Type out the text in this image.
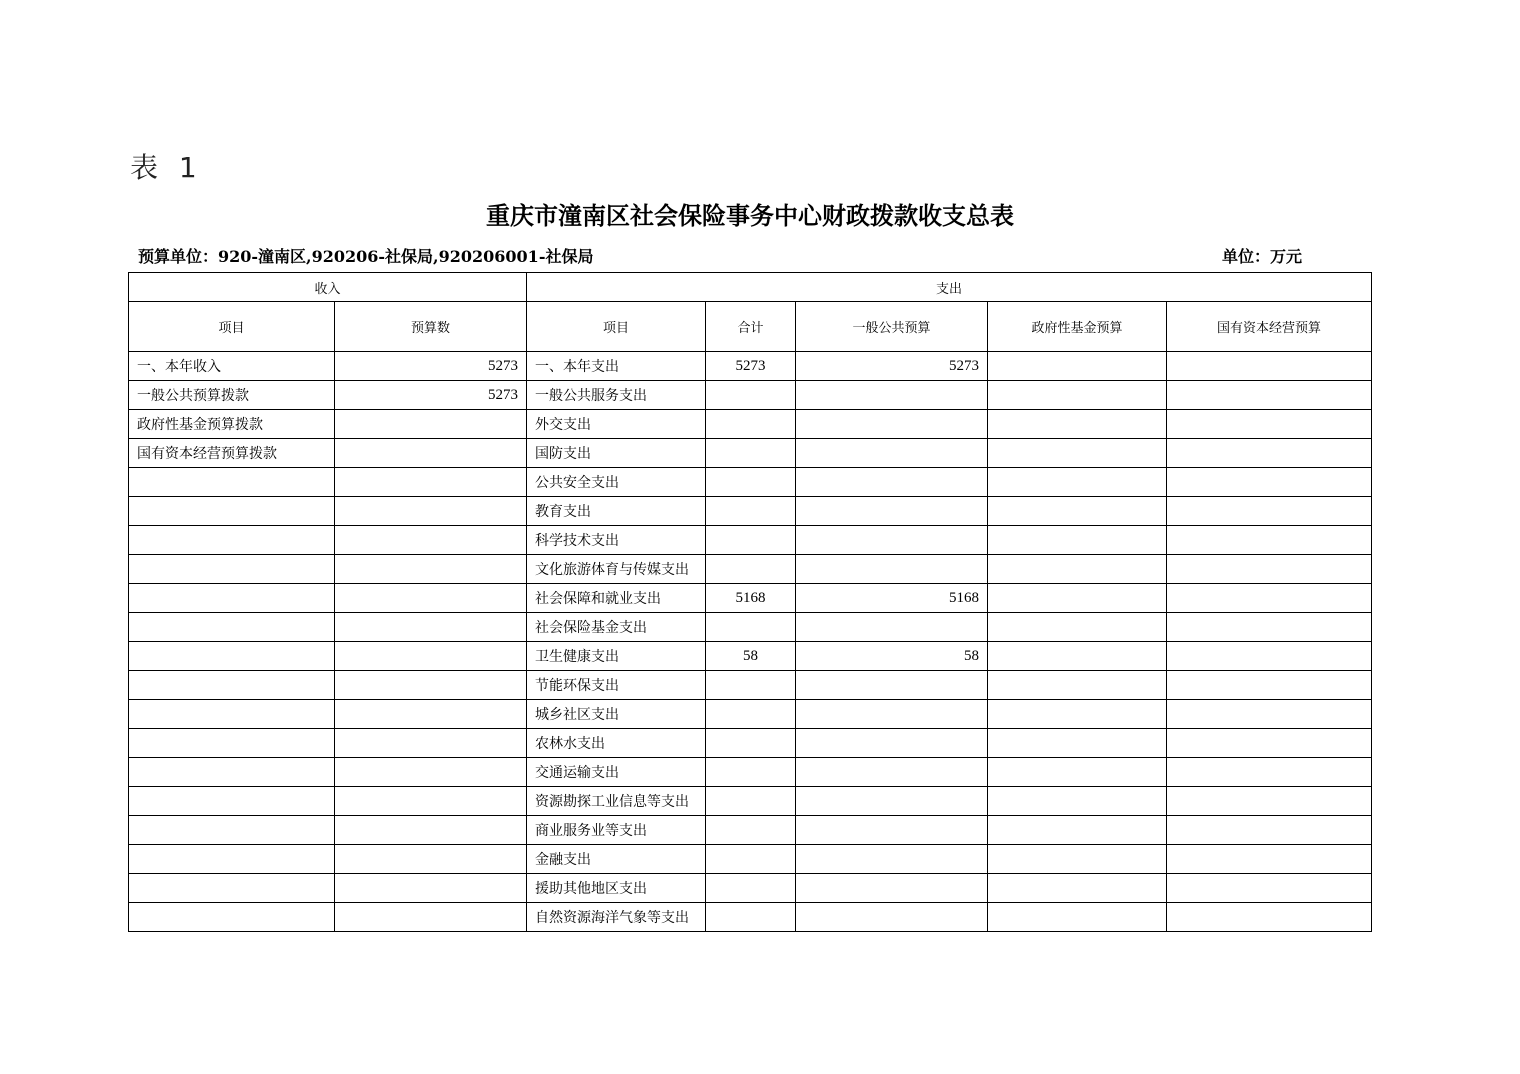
表 1
重庆市潼南区社会保险事务中心财政拨款收支总表
预算单位：920-潼南区,920206-社保局,920206001-社保局	单位：万元
收入		支出				
项目	预算数	项目	合计	一般公共预算	政府性基金预算	国有资本经营预算
一、本年收入	5273	一、本年支出	5273	5273		
一般公共预算拨款	5273	一般公共服务支出				
政府性基金预算拨款		外交支出				
国有资本经营预算拨款		国防支出				
		公共安全支出				
		教育支出				
		科学技术支出				
		文化旅游体育与传媒支出				
		社会保障和就业支出	5168	5168		
		社会保险基金支出				
		卫生健康支出	58	58		
		节能环保支出				
		城乡社区支出				
		农林水支出				
		交通运输支出				
		资源勘探工业信息等支出				
		商业服务业等支出				
		金融支出				
		援助其他地区支出				
		自然资源海洋气象等支出				
